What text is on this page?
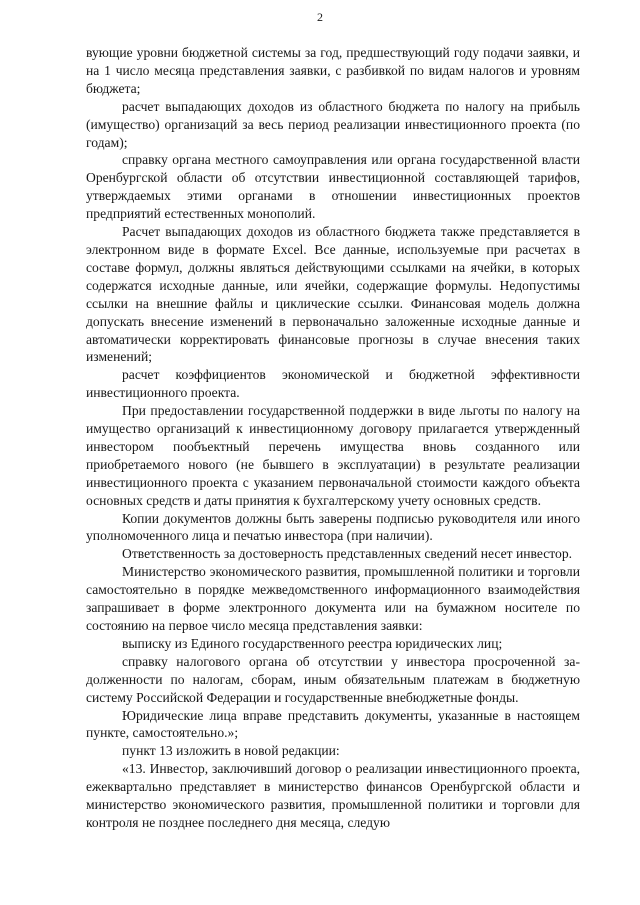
2

вующие уровни бюджетной системы за год, предшествующий году подачи заявки, и на 1 число месяца представления заявки, с разбивкой по видам налогов и уровням бюджета;

расчет выпадающих доходов из областного бюджета по налогу на прибыль (имущество) организаций за весь период реализации инвестиционного проекта (по годам);

справку органа местного самоуправления или органа государственной власти Оренбургской области об отсутствии инвестиционной составляющей тарифов, утверждаемых этими органами в отношении инвестиционных проектов предприятий естественных монополий.

Расчет выпадающих доходов из областного бюджета также представляется в электронном виде в формате Excel. Все данные, используемые при расчетах в составе формул, должны являться действующими ссылками на ячейки, в которых содержатся исходные данные, или ячейки, содержащие формулы. Недопустимы ссылки на внешние файлы и циклические ссылки. Финансовая модель должна допускать внесение изменений в первоначально заложенные исходные данные и автоматически корректировать финансовые прогнозы в случае внесения таких изменений;

расчет коэффициентов экономической и бюджетной эффективности инвестиционного проекта.

При предоставлении государственной поддержки в виде льготы по налогу на имущество организаций к инвестиционному договору прилагается утвержденный инвестором пообъектный перечень имущества вновь созданного или приобретаемого нового (не бывшего в эксплуатации) в результате реализации инвестиционного проекта с указанием первоначальной стоимости каждого объекта основных средств и даты принятия к бухгалтерскому учету основных средств.

Копии документов должны быть заверены подписью руководителя или иного уполномоченного лица и печатью инвестора (при наличии).

Ответственность за достоверность представленных сведений несет инвестор.

Министерство экономического развития, промышленной политики и торговли самостоятельно в порядке межведомственного информационного взаимодействия запрашивает в форме электронного документа или на бумажном носителе по состоянию на первое число месяца представления заявки:

выписку из Единого государственного реестра юридических лиц;

справку налогового органа об отсутствии у инвестора просроченной задолженности по налогам, сборам, иным обязательным платежам в бюджетную систему Российской Федерации и государственные внебюджетные фонды.

Юридические лица вправе представить документы, указанные в настоящем пункте, самостоятельно.»;

пункт 13 изложить в новой редакции:

«13. Инвестор, заключивший договор о реализации инвестиционного проекта, ежеквартально представляет в министерство финансов Оренбургской области и министерство экономического развития, промышленной политики и торговли для контроля не позднее последнего дня месяца, следую
